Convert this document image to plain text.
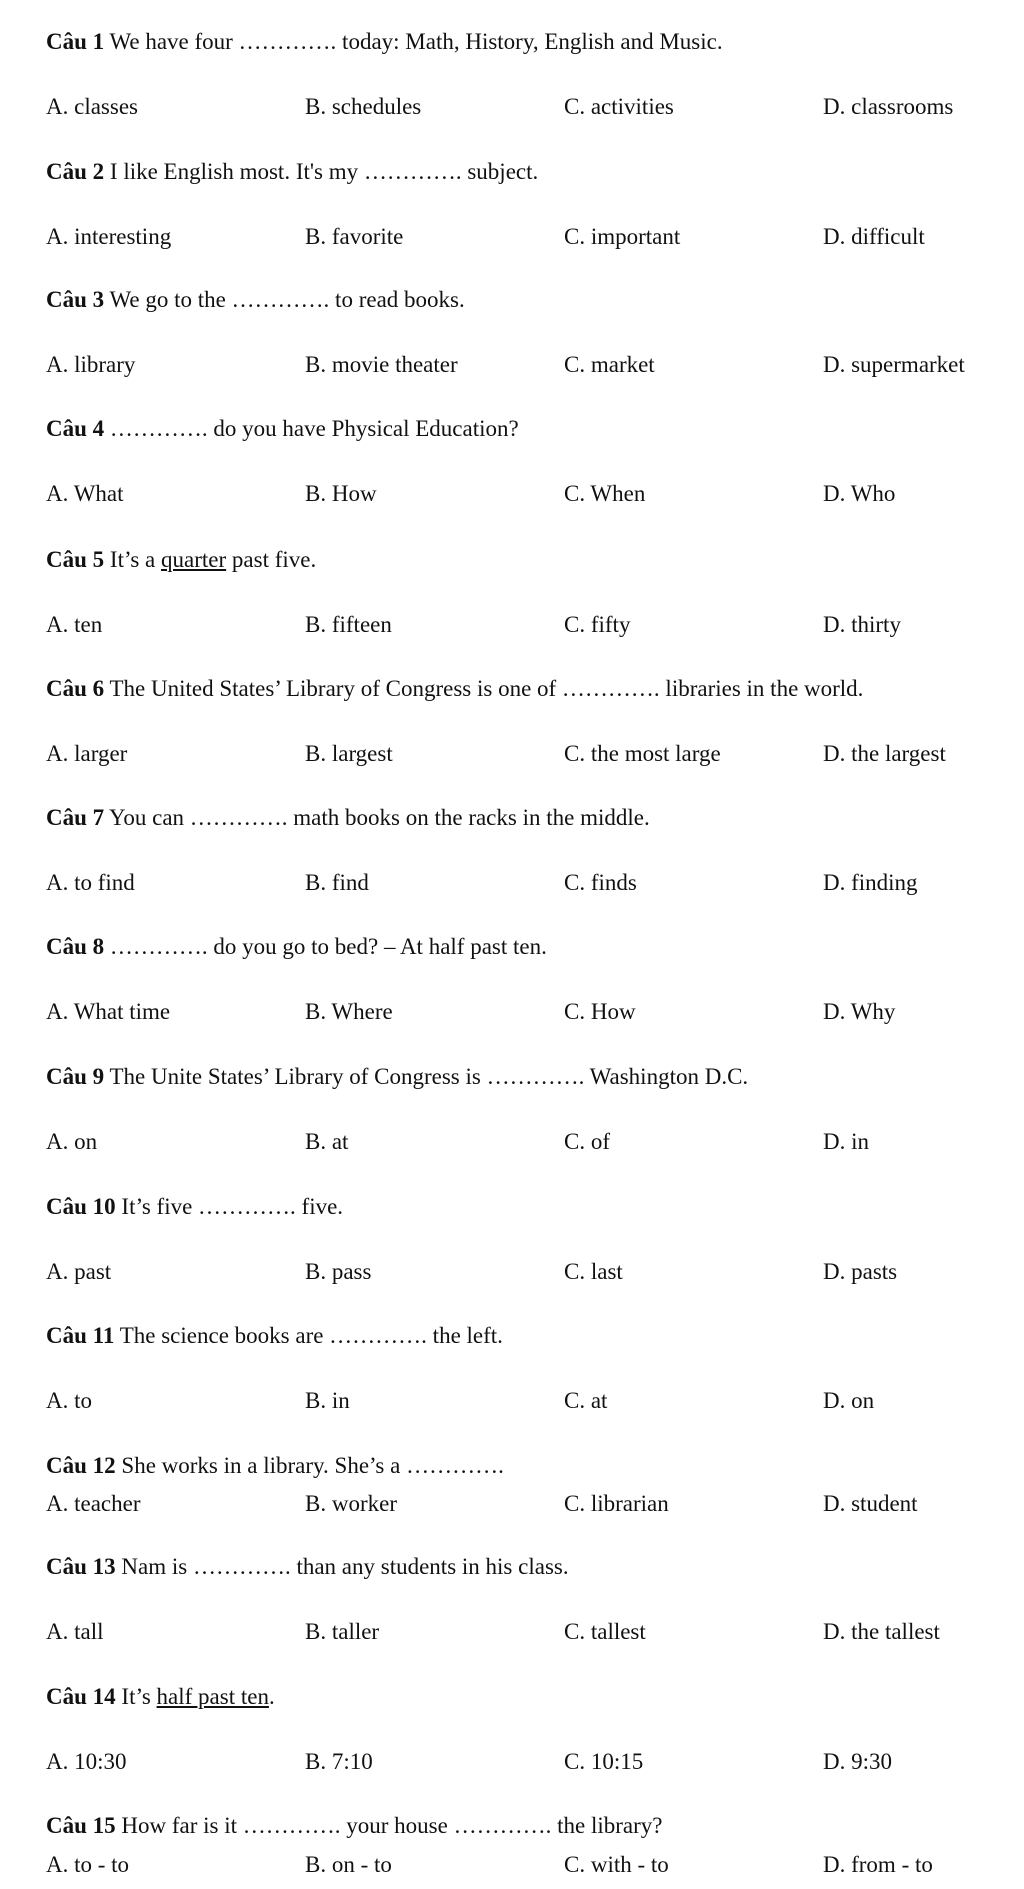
Câu 1 We have four …………. today: Math, History, English and Music.
A. classes	B. schedules	C. activities	D. classrooms
Câu 2 I like English most. It's my …………. subject.
A. interesting	B. favorite	C. important	D. difficult
Câu 3 We go to the …………. to read books.
A. library	B. movie theater	C. market	D. supermarket
Câu 4 …………. do you have Physical Education?
A. What	B. How	C. When	D. Who
Câu 5 It’s a quarter past five.
A. ten	B. fifteen	C. fifty	D. thirty
Câu 6 The United States’ Library of Congress is one of …………. libraries in the world.
A. larger	B. largest	C. the most large	D. the largest
Câu 7 You can …………. math books on the racks in the middle.
A. to find	B. find	C. finds	D. finding
Câu 8 …………. do you go to bed? – At half past ten.
A. What time	B. Where	C. How	D. Why
Câu 9 The Unite States’ Library of Congress is …………. Washington D.C.
A. on	B. at	C. of	D. in
Câu 10 It’s five …………. five.
A. past	B. pass	C. last	D. pasts
Câu 11 The science books are …………. the left.
A. to	B. in	C. at	D. on
Câu 12 She works in a library. She’s a ………….
A. teacher	B. worker	C. librarian	D. student
Câu 13 Nam is …………. than any students in his class.
A. tall	B. taller	C. tallest	D. the tallest
Câu 14 It’s half past ten.
A. 10:30	B. 7:10	C. 10:15	D. 9:30
Câu 15 How far is it …………. your house …………. the library?
A. to - to	B. on - to	C. with - to	D. from - to
